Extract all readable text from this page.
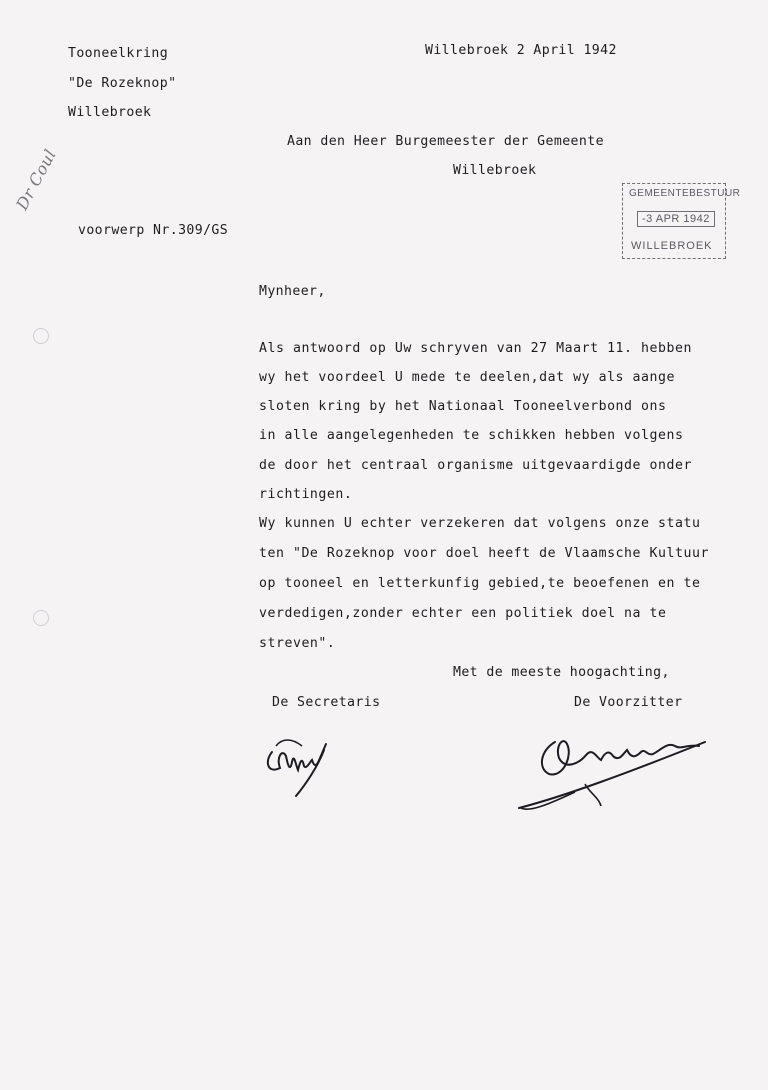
Tooneelkring
"De Rozeknop"
Willebroek
Willebroek 2 April 1942
Aan den Heer Burgemeester der Gemeente
Willebroek
Dr Coul	GEMEENTEBESTUUR
-3 APR 1942
WILLEBROEK
voorwerp Nr.309/GS
Mynheer,
Als antwoord op Uw schryven van 27 Maart 11. hebben
wy het voordeel U mede te deelen,dat wy als aange
sloten kring by het Nationaal Tooneelverbond ons
in alle aangelegenheden te schikken hebben volgens
de door het centraal organisme uitgevaardigde onder
richtingen.
Wy kunnen U echter verzekeren dat volgens onze statu
ten "De Rozeknop voor doel heeft de Vlaamsche Kultuur
op tooneel en letterkunfig gebied,te beoefenen en te
verdedigen,zonder echter een politiek doel na te
streven".
Met de meeste hoogachting,
De Secretaris	De Voorzitter
